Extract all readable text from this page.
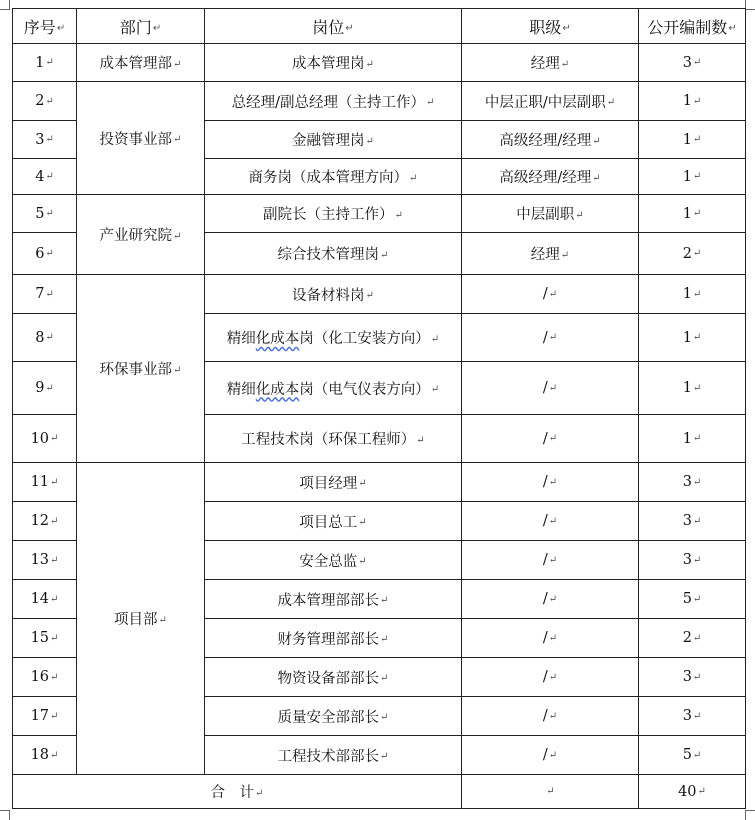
序号↵	部门↵	岗位↵	职级↵	公开编制数↵
1↵	成本管理部↵	成本管理岗↵	经理↵	3↵
2↵	投资事业部↵	总经理/副总经理（主持工作）↵	中层正职/中层副职↵	1↵
3↵		金融管理岗↵	高级经理/经理↵	1↵
4↵		商务岗（成本管理方向）↵	高级经理/经理↵	1↵
5↵	产业研究院↵	副院长（主持工作）↵	中层副职↵	1↵
6↵		综合技术管理岗↵	经理↵	2↵
7↵	环保事业部↵	设备材料岗↵	/↵	1↵
8↵		精细化成本岗（化工安装方向）↵	/↵	1↵
9↵		精细化成本岗（电气仪表方向）↵	/↵	1↵
10↵		工程技术岗（环保工程师）↵	/↵	1↵
11↵	项目部↵	项目经理↵	/↵	3↵
12↵		项目总工↵	/↵	3↵
13↵		安全总监↵	/↵	3↵
14↵		成本管理部部长↵	/↵	5↵
15↵		财务管理部部长↵	/↵	2↵
16↵		物资设备部部长↵	/↵	3↵
17↵		质量安全部部长↵	/↵	3↵
18↵		工程技术部部长↵	/↵	5↵
合　计↵			↵	40↵
